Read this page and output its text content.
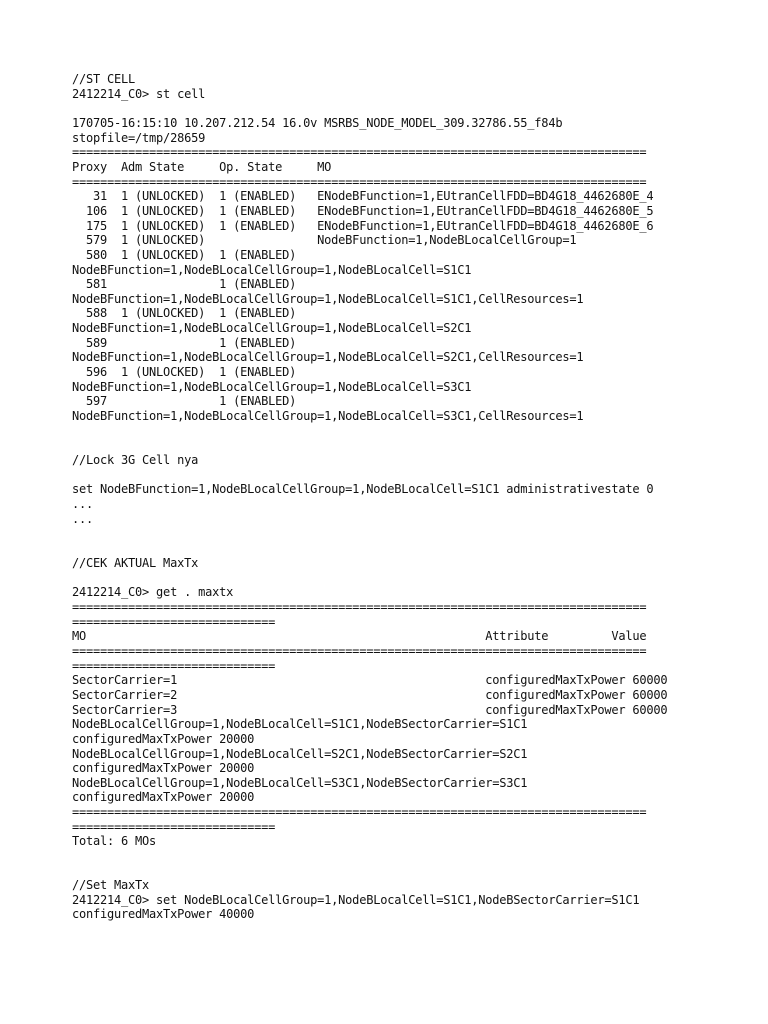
//ST CELL
2412214_C0> st cell
170705-16:15:10 10.207.212.54 16.0v MSRBS_NODE_MODEL_309.32786.55_f84b
stopfile=/tmp/28659
==================================================================================
Proxy  Adm State     Op. State     MO
==================================================================================
31  1 (UNLOCKED)  1 (ENABLED)   ENodeBFunction=1,EUtranCellFDD=BD4G18_4462680E_4
106  1 (UNLOCKED)  1 (ENABLED)   ENodeBFunction=1,EUtranCellFDD=BD4G18_4462680E_5
175  1 (UNLOCKED)  1 (ENABLED)   ENodeBFunction=1,EUtranCellFDD=BD4G18_4462680E_6
579  1 (UNLOCKED)                NodeBFunction=1,NodeBLocalCellGroup=1
580  1 (UNLOCKED)  1 (ENABLED)
NodeBFunction=1,NodeBLocalCellGroup=1,NodeBLocalCell=S1C1
581                1 (ENABLED)
NodeBFunction=1,NodeBLocalCellGroup=1,NodeBLocalCell=S1C1,CellResources=1
588  1 (UNLOCKED)  1 (ENABLED)
NodeBFunction=1,NodeBLocalCellGroup=1,NodeBLocalCell=S2C1
589                1 (ENABLED)
NodeBFunction=1,NodeBLocalCellGroup=1,NodeBLocalCell=S2C1,CellResources=1
596  1 (UNLOCKED)  1 (ENABLED)
NodeBFunction=1,NodeBLocalCellGroup=1,NodeBLocalCell=S3C1
597                1 (ENABLED)
NodeBFunction=1,NodeBLocalCellGroup=1,NodeBLocalCell=S3C1,CellResources=1
//Lock 3G Cell nya
set NodeBFunction=1,NodeBLocalCellGroup=1,NodeBLocalCell=S1C1 administrativestate 0
...
...
//CEK AKTUAL MaxTx
2412214_C0> get . maxtx
==================================================================================
=============================
MO                                                         Attribute         Value
==================================================================================
=============================
SectorCarrier=1                                            configuredMaxTxPower 60000
SectorCarrier=2                                            configuredMaxTxPower 60000
SectorCarrier=3                                            configuredMaxTxPower 60000
NodeBLocalCellGroup=1,NodeBLocalCell=S1C1,NodeBSectorCarrier=S1C1
configuredMaxTxPower 20000
NodeBLocalCellGroup=1,NodeBLocalCell=S2C1,NodeBSectorCarrier=S2C1
configuredMaxTxPower 20000
NodeBLocalCellGroup=1,NodeBLocalCell=S3C1,NodeBSectorCarrier=S3C1
configuredMaxTxPower 20000
==================================================================================
=============================
Total: 6 MOs
//Set MaxTx
2412214_C0> set NodeBLocalCellGroup=1,NodeBLocalCell=S1C1,NodeBSectorCarrier=S1C1
configuredMaxTxPower 40000
